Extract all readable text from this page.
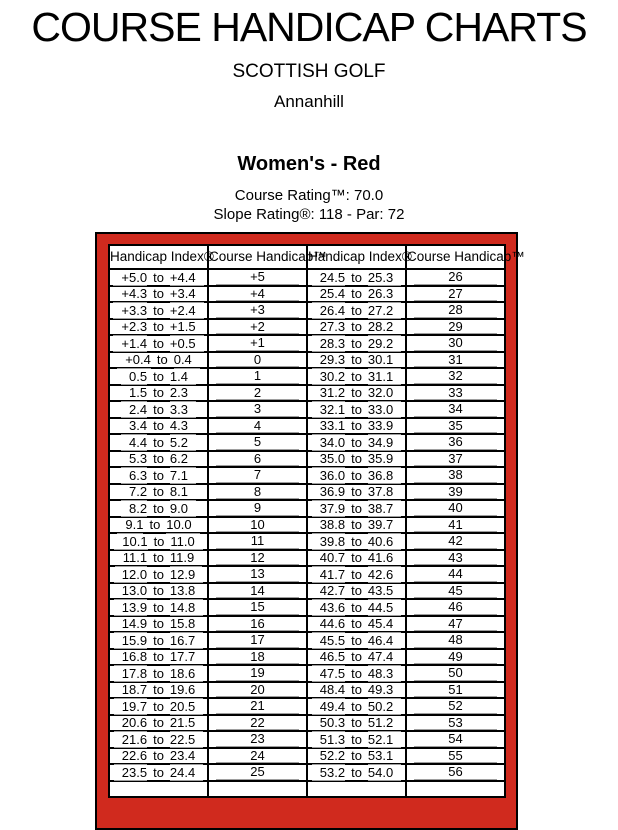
COURSE HANDICAP CHARTS
SCOTTISH GOLF
Annanhill
Women's - Red
Course Rating™: 70.0
Slope Rating®: 118 - Par: 72
Handicap Index®	Course Handicap™	Handicap Index®	Course Handicap™
+5.0 to +4.4	+5	24.5 to 25.3	26
+4.3 to +3.4	+4	25.4 to 26.3	27
+3.3 to +2.4	+3	26.4 to 27.2	28
+2.3 to +1.5	+2	27.3 to 28.2	29
+1.4 to +0.5	+1	28.3 to 29.2	30
+0.4 to 0.4	0	29.3 to 30.1	31
0.5 to 1.4	1	30.2 to 31.1	32
1.5 to 2.3	2	31.2 to 32.0	33
2.4 to 3.3	3	32.1 to 33.0	34
3.4 to 4.3	4	33.1 to 33.9	35
4.4 to 5.2	5	34.0 to 34.9	36
5.3 to 6.2	6	35.0 to 35.9	37
6.3 to 7.1	7	36.0 to 36.8	38
7.2 to 8.1	8	36.9 to 37.8	39
8.2 to 9.0	9	37.9 to 38.7	40
9.1 to 10.0	10	38.8 to 39.7	41
10.1 to 11.0	11	39.8 to 40.6	42
11.1 to 11.9	12	40.7 to 41.6	43
12.0 to 12.9	13	41.7 to 42.6	44
13.0 to 13.8	14	42.7 to 43.5	45
13.9 to 14.8	15	43.6 to 44.5	46
14.9 to 15.8	16	44.6 to 45.4	47
15.9 to 16.7	17	45.5 to 46.4	48
16.8 to 17.7	18	46.5 to 47.4	49
17.8 to 18.6	19	47.5 to 48.3	50
18.7 to 19.6	20	48.4 to 49.3	51
19.7 to 20.5	21	49.4 to 50.2	52
20.6 to 21.5	22	50.3 to 51.2	53
21.6 to 22.5	23	51.3 to 52.1	54
22.6 to 23.4	24	52.2 to 53.1	55
23.5 to 24.4	25	53.2 to 54.0	56
